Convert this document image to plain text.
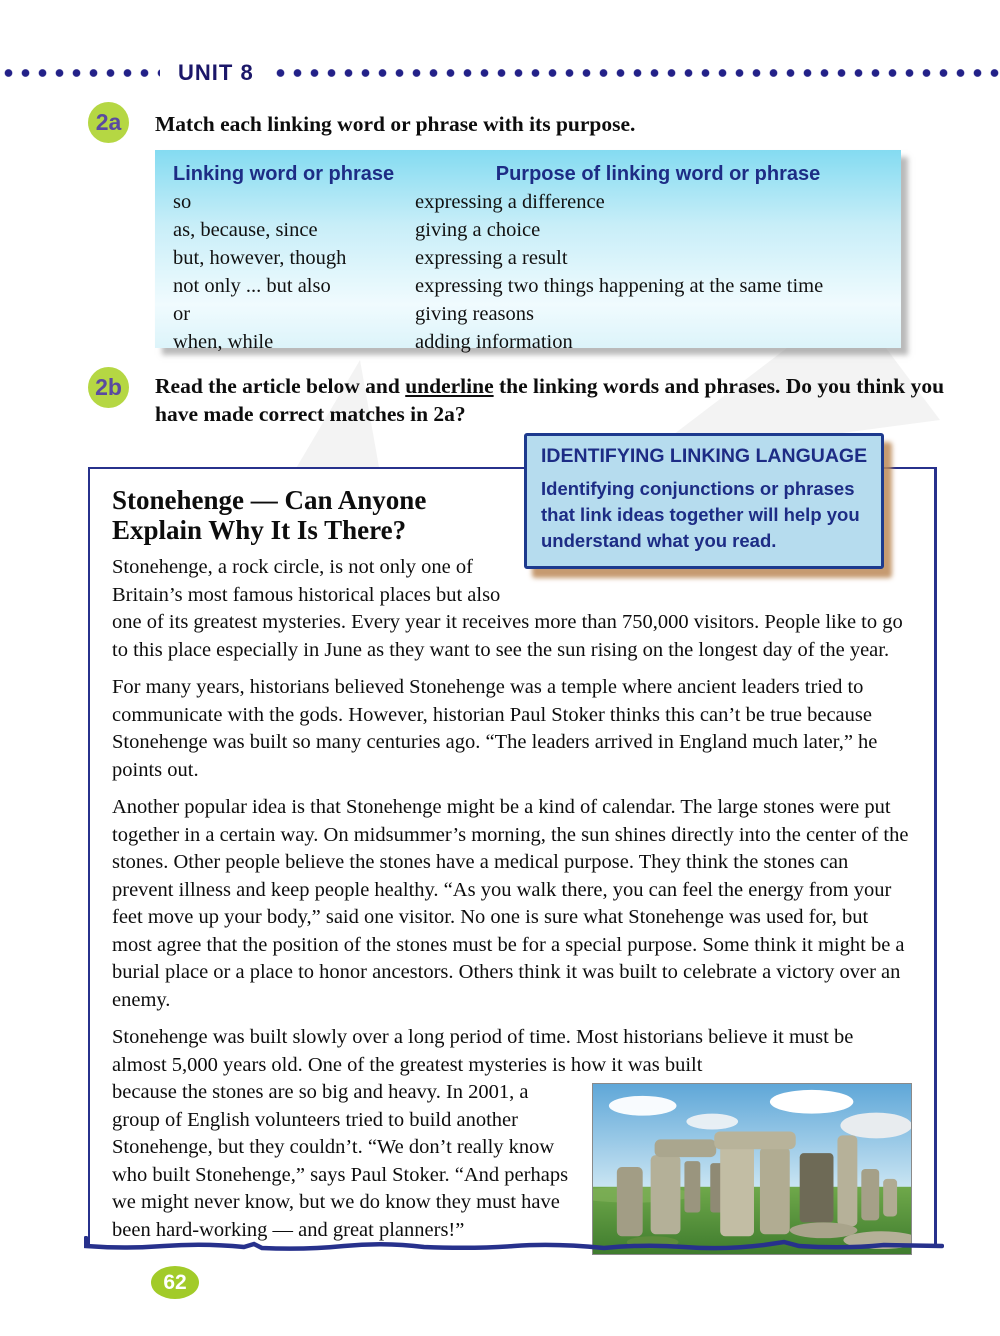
UNIT 8
2a	Match each linking word or phrase with its purpose.
Linking word or phrase	Purpose of linking word or phrase
so	expressing a difference
as, because, since	giving a choice
but, however, though	expressing a result
not only ... but also	expressing two things happening at the same time
or	giving reasons
when, while	adding information
2b	Read the article below and underline the linking words and phrases. Do you think you have made correct matches in 2a?
IDENTIFYING LINKING LANGUAGE
Identifying conjunctions or phrases that link ideas together will help you understand what you read.
Stonehenge — Can Anyone Explain Why It Is There?

Stonehenge, a rock circle, is not only one of Britain’s most famous historical places but also one of its greatest mysteries. Every year it receives more than 750,000 visitors. People like to go to this place especially in June as they want to see the sun rising on the longest day of the year.

For many years, historians believed Stonehenge was a temple where ancient leaders tried to communicate with the gods. However, historian Paul Stoker thinks this can’t be true because Stonehenge was built so many centuries ago. “The leaders arrived in England much later,” he points out.

Another popular idea is that Stonehenge might be a kind of calendar. The large stones were put together in a certain way. On midsummer’s morning, the sun shines directly into the center of the stones. Other people believe the stones have a medical purpose. They think the stones can prevent illness and keep people healthy. “As you walk there, you can feel the energy from your feet move up your body,” said one visitor. No one is sure what Stonehenge was used for, but most agree that the position of the stones must be for a special purpose. Some think it might be a burial place or a place to honor ancestors. Others think it was built to celebrate a victory over an enemy.

Stonehenge was built slowly over a long period of time. Most historians believe it must be almost 5,000 years old. One of the greatest mysteries is how it was built

because the stones are so big and heavy. In 2001, a group of English volunteers tried to build another Stonehenge, but they couldn’t. “We don’t really know who built Stonehenge,” says Paul Stoker. “And perhaps we might never know, but we do know they must have been hard-working — and great planners!”

62
